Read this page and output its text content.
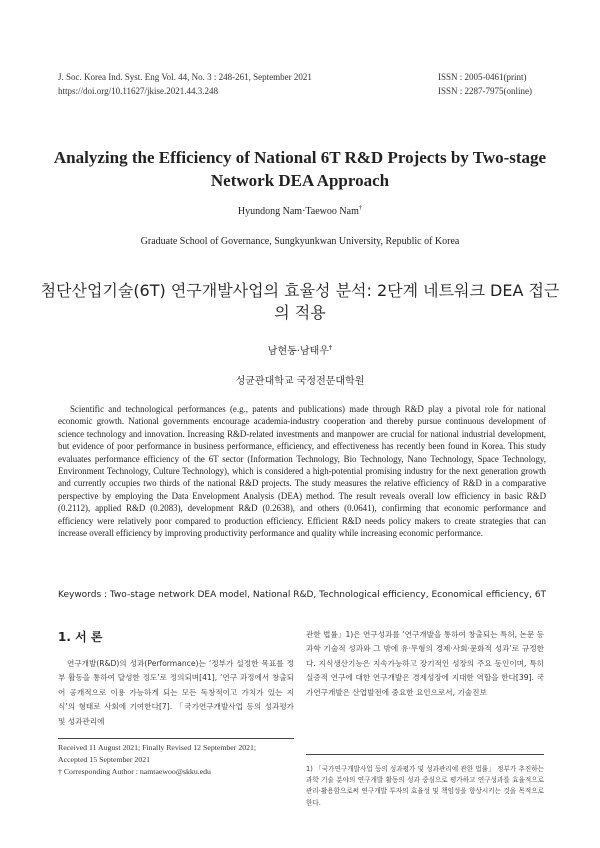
J. Soc. Korea Ind. Syst. Eng Vol. 44, No. 3 : 248-261, September 2021
https://doi.org/10.11627/jkise.2021.44.3.248
ISSN : 2005-0461(print)
ISSN : 2287-7975(online)
Analyzing the Efficiency of National 6T R&D Projects by Two-stage Network DEA Approach
Hyundong Nam·Taewoo Nam†
Graduate School of Governance, Sungkyunkwan University, Republic of Korea
첨단산업기술(6T) 연구개발사업의 효율성 분석: 2단계 네트워크 DEA 접근의 적용
남현동·남태우†
성균관대학교 국정전문대학원
Scientific and technological performances (e.g., patents and publications) made through R&D play a pivotal role for national economic growth. National governments encourage academia-industry cooperation and thereby pursue continuous development of science technology and innovation. Increasing R&D-related investments and manpower are crucial for national industrial development, but evidence of poor performance in business performance, efficiency, and effectiveness has recently been found in Korea. This study evaluates performance efficiency of the 6T sector (Information Technology, Bio Technology, Nano Technology, Space Technology, Environment Technology, Culture Technology), which is considered a high-potential promising industry for the next generation growth and currently occupies two thirds of the national R&D projects. The study measures the relative efficiency of R&D in a comparative perspective by employing the Data Envelopment Analysis (DEA) method. The result reveals overall low efficiency in basic R&D (0.2112), applied R&D (0.2083), development R&D (0.2638), and others (0.0641), confirming that economic performance and efficiency were relatively poor compared to production efficiency. Efficient R&D needs policy makers to create strategies that can increase overall efficiency by improving productivity performance and quality while increasing economic performance.
Keywords : Two-stage network DEA model, National R&D, Technological efficiency, Economical efficiency, 6T
1. 서 론
연구개발(R&D)의 성과(Performance)는 ‘정부가 설정한 목표를 정부 활동을 통하여 달성한 정도’로 정의되며[41], ‘연구 과정에서 창출되어 공개적으로 이용 가능하게 되는 모든 독창적이고 가치가 있는 지식’의 형태로 사회에 기여한다[7]. 「국가연구개발사업 등의 성과평가 및 성과관리에
관한 법률」1)은 연구성과를 ‘연구개발을 통하여 창출되는 특허, 논문 등 과학 기술적 성과와 그 밖에 유·무형의 경제·사회·문화적 성과’로 규정한다. 지식생산기능은 지속가능하고 장기적인 성장의 주요 동인이며, 특히 실증적 연구에 대한 연구개발은 경제성장에 지대한 역할을 한다[39]. 국가연구개발은 산업발전에 중요한 요인으로서, 기술진보
Received 11 August 2021; Finally Revised 12 September 2021;
Accepted 15 September 2021
† Corresponding Author : namtaewoo@skku.edu	1) 「국가연구개발사업 등의 성과평가 및 성과관리에 관한 법률」 정부가 추진하는 과학 기술 분야의 연구개발 활동의 성과 중심으로 평가하고 연구성과를 효율적으로 관리·활용함으로써 연구개발 투자의 효율성 및 책임성을 향상시키는 것을 목적으로 한다.
